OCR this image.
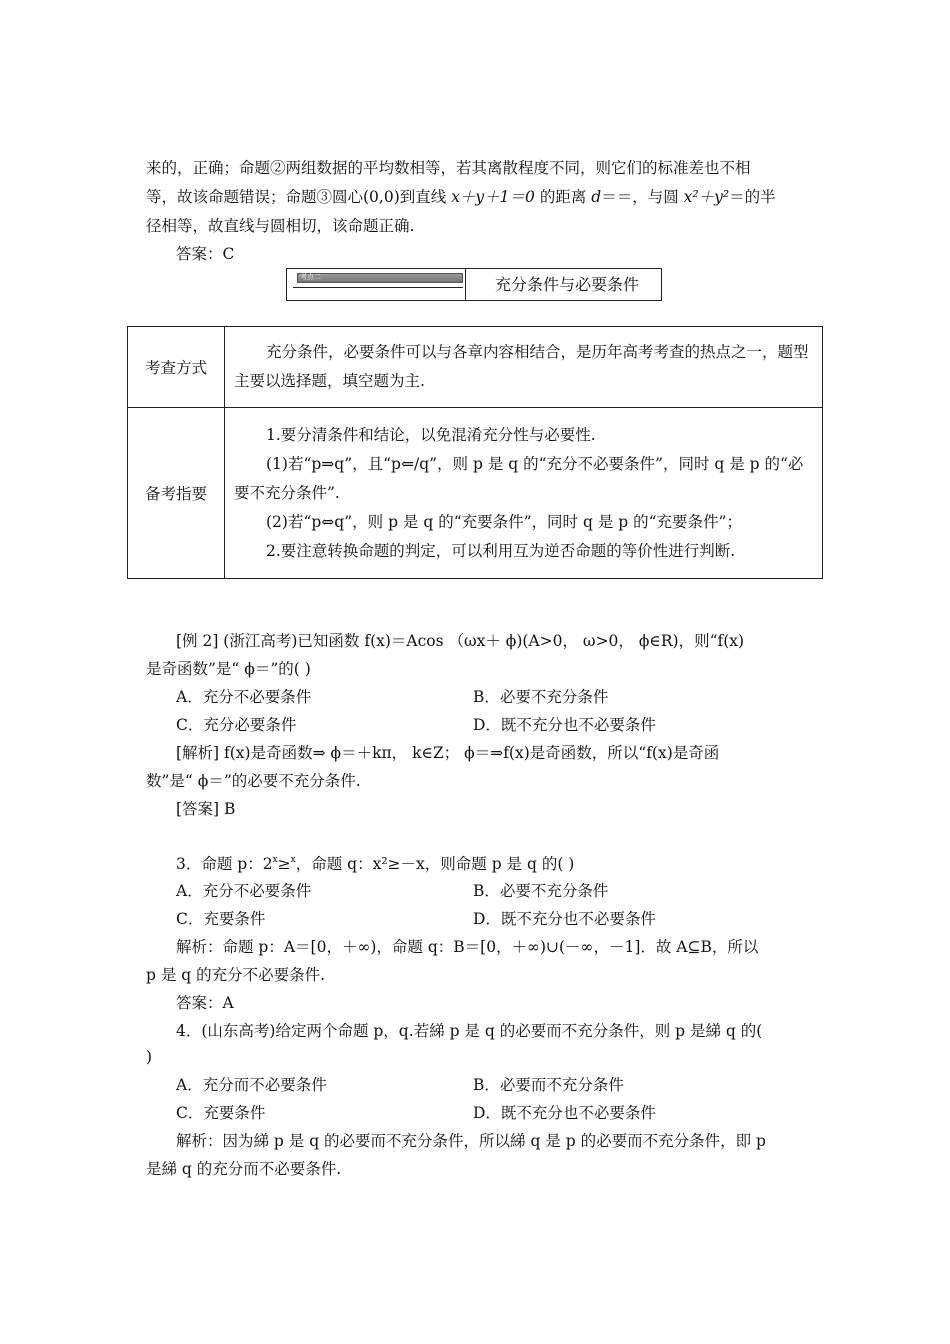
来的，正确；命题②两组数据的平均数相等，若其离散程度不同，则它们的标准差也不相
等，故该命题错误；命题③圆心(0,0)到直线 x＋y＋1＝0 的距离 d＝＝，与圆 x²＋y²＝的半
径相等，故直线与圆相切，该命题正确.
答案：C
考点二	充分条件与必要条件
考查方式	充分条件，必要条件可以与各章内容相结合，是历年高考考查的热点之一，题型主要以选择题，填空题为主.

备考指要	1.要分清条件和结论，以免混淆充分性与必要性.

(1)若“p⇒q”，且“p⇐/q”，则 p 是 q 的“充分不必要条件”，同时 q 是 p 的“必要不充分条件”.

(2)若“p⇔q”，则 p 是 q 的“充要条件”，同时 q 是 p 的“充要条件”；

2.要注意转换命题的判定，可以利用互为逆否命题的等价性进行判断.

[例 2] (浙江高考)已知函数 f(x)＝Acos （ωx＋ ϕ)(A>0， ω>0， ϕ∈R)，则“f(x)
是奇函数”是“ ϕ＝”的( )
A．充分不必要条件	B．必要不充分条件
C．充分必要条件	D．既不充分也不必要条件
[解析] f(x)是奇函数⇒ ϕ＝＋kπ， k∈Z； ϕ＝⇒f(x)是奇函数，所以“f(x)是奇函
数”是“ ϕ＝”的必要不充分条件.
[答案] B
3．命题 p：$2^x\ge^x$，命题 q：x²≥－x，则命题 p 是 q 的( )
A．充分不必要条件	B．必要不充分条件
C．充要条件	D．既不充分也不必要条件
解析：命题 p：A＝[0，＋∞)，命题 q：B＝[0，＋∞)∪(－∞，－1]．故 A⊆B，所以
p 是 q 的充分不必要条件.
答案：A
4．(山东高考)给定两个命题 p，q.若綈 p 是 q 的必要而不充分条件，则 p 是綈 q 的(
)
A．充分而不必要条件	B．必要而不充分条件
C．充要条件	D．既不充分也不必要条件
解析：因为綈 p 是 q 的必要而不充分条件，所以綈 q 是 p 的必要而不充分条件，即 p
是綈 q 的充分而不必要条件.
